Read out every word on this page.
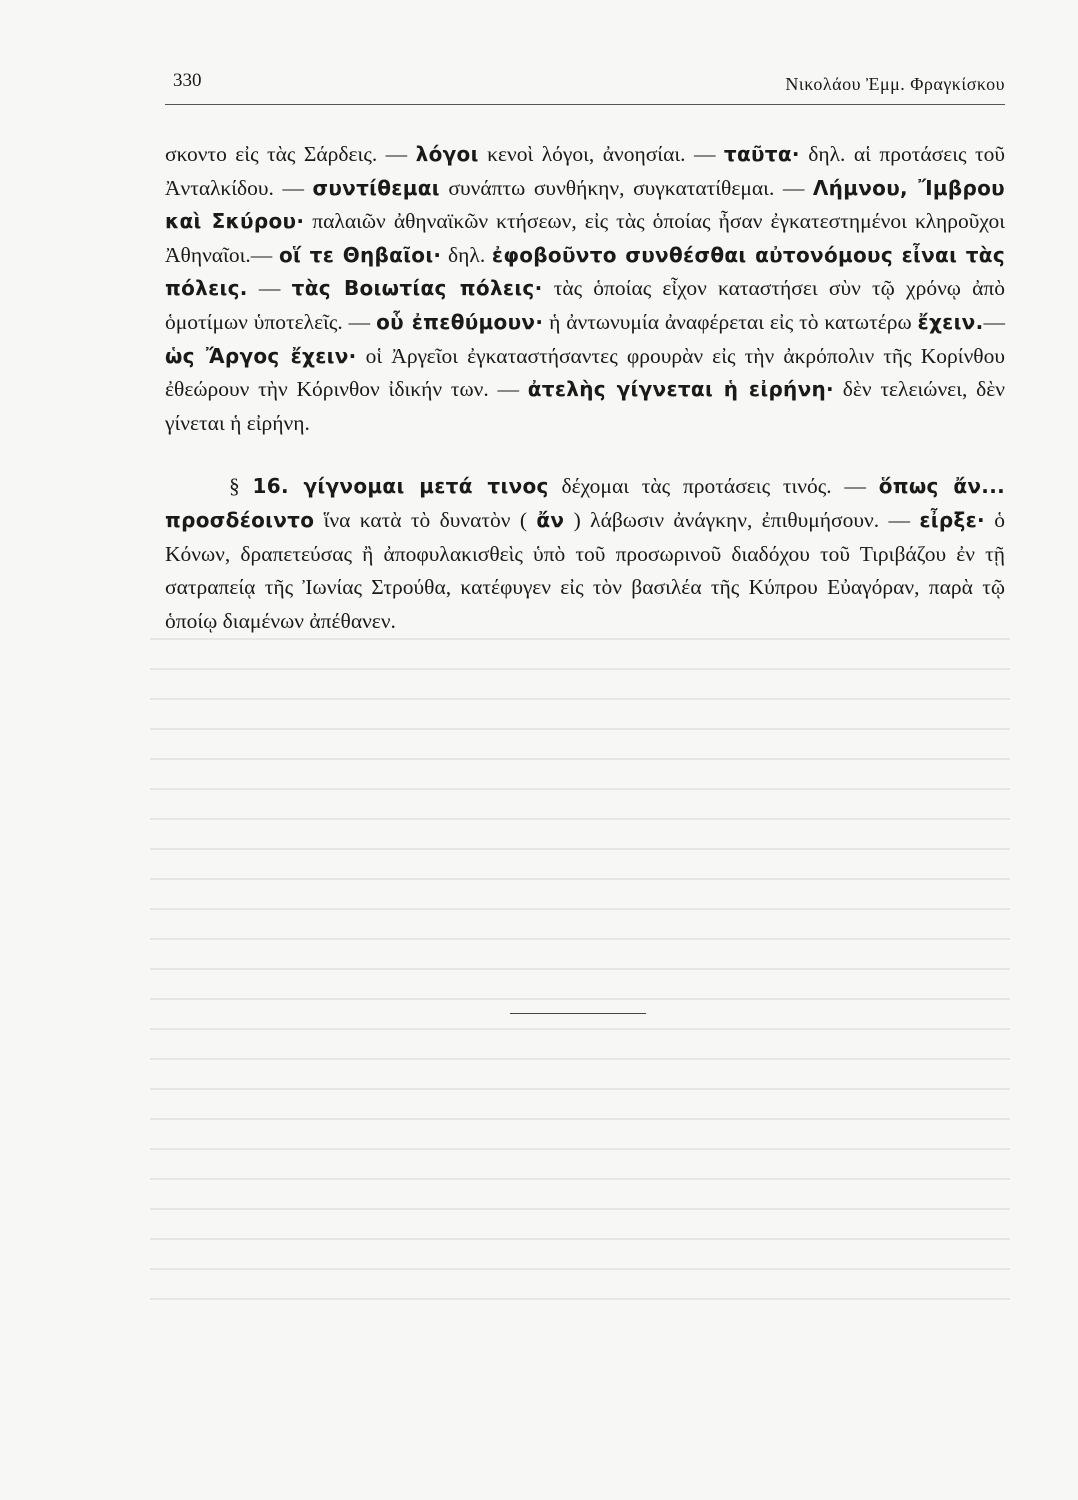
330	Νικολάου Ἐμμ. Φραγκίσκου

σκοντο εἰς τὰς Σάρδεις. — λόγοι κενοὶ λόγοι, ἀνοησίαι. — ταῦτα· δηλ. αἱ προτάσεις τοῦ Ἀνταλκίδου. — συντίθεμαι συνάπτω συνθήκην, συγκατατίθεμαι. — Λήμνου, Ἴμβρου καὶ Σκύρου· παλαιῶν ἀθηναϊκῶν κτήσεων, εἰς τὰς ὁποίας ἦσαν ἐγκατεστημένοι κληροῦχοι Ἀθηναῖοι.— οἵ τε Θηβαῖοι· δηλ. ἐφοβοῦντο συνθέσθαι αὐτονόμους εἶναι τὰς πόλεις. — τὰς Βοιωτίας πόλεις· τὰς ὁποίας εἶχον καταστήσει σὺν τῷ χρόνῳ ἀπὸ ὁμοτίμων ὑποτελεῖς. — οὗ ἐπεθύμουν· ἡ ἀντωνυμία ἀναφέρεται εἰς τὸ κατωτέρω ἔχειν.— ὡς Ἄργος ἔχειν· οἱ Ἀργεῖοι ἐγκαταστήσαντες φρουρὰν εἰς τὴν ἀκρόπολιν τῆς Κορίνθου ἐθεώρουν τὴν Κόρινθον ἰδικήν των. — ἀτελὴς γίγνεται ἡ εἰρήνη· δὲν τελειώνει, δὲν γίνεται ἡ εἰρήνη.

§ 16. γίγνομαι μετά τινος δέχομαι τὰς προτάσεις τινός. — ὅπως ἄν... προσδέοιντο ἵνα κατὰ τὸ δυνατὸν ( ἄν ) λάβωσιν ἀνάγκην, ἐπιθυμήσουν. — εἶρξε· ὁ Κόνων, δραπετεύσας ἢ ἀποφυλακισθεὶς ὑπὸ τοῦ προσωρινοῦ διαδόχου τοῦ Τιριβάζου ἐν τῇ σατραπείᾳ τῆς Ἰωνίας Στρούθα, κατέφυγεν εἰς τὸν βασιλέα τῆς Κύπρου Εὐαγόραν, παρὰ τῷ ὁποίῳ διαμένων ἀπέθανεν.
